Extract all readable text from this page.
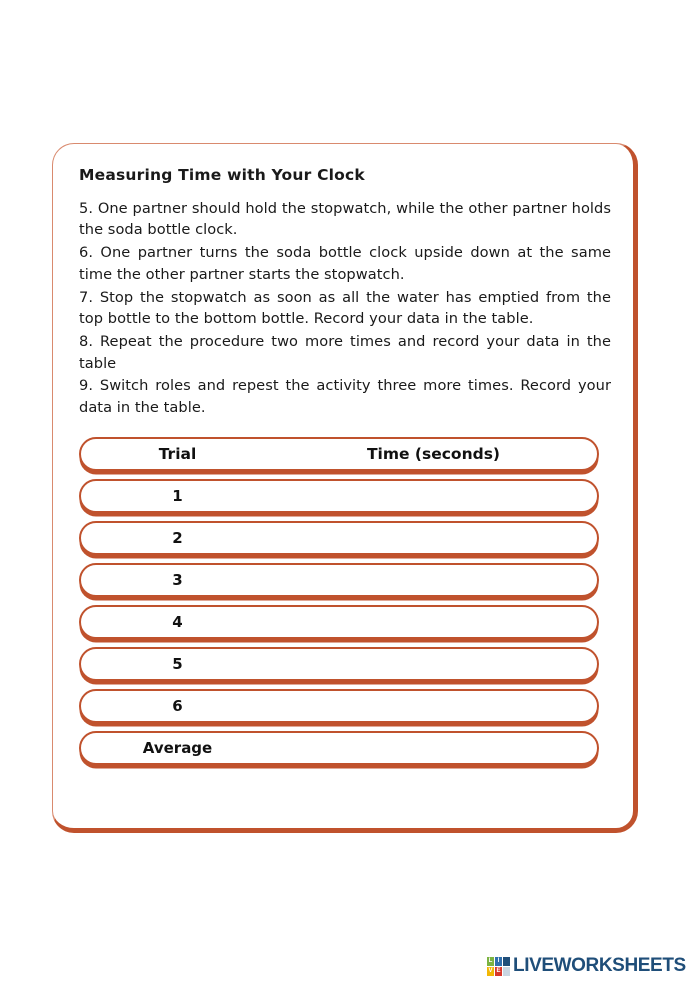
Measuring Time with Your Clock

5. One partner should hold the stopwatch, while the other partner holds the soda bottle clock.

6. One partner turns the soda bottle clock upside down at the same time the other partner starts the stopwatch.

7. Stop the stopwatch as soon as all the water has emptied from the top bottle to the bottom bottle. Record your data in the table.

8. Repeat the procedure two more times and record your data in the table

9. Switch roles and repest the activity three more times. Record your data in the table.

Trial	Time (seconds)
1
2
3
4
5
6
Average
L I
V E LIVEWORKSHEETS
